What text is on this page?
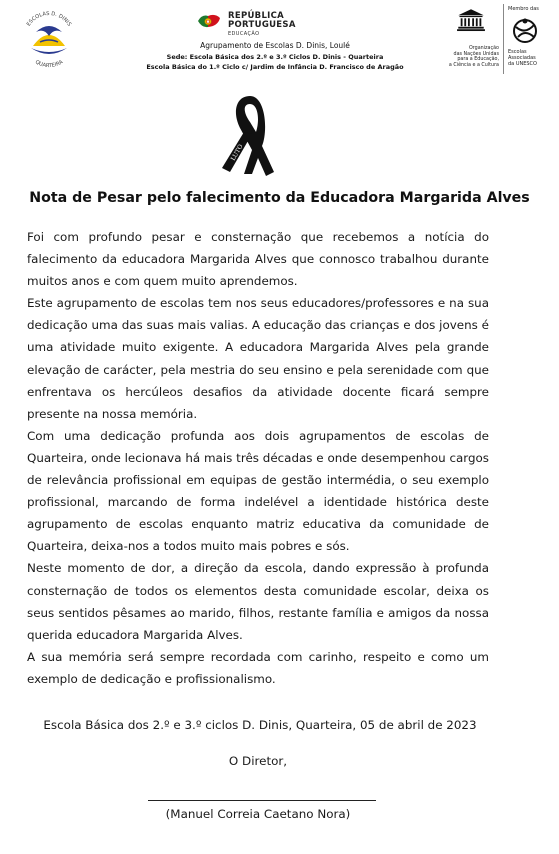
ESCOLAS D. DINIS
QUARTEIRA
REPÚBLICA
PORTUGUESA
EDUCAÇÃO
Agrupamento de Escolas D. Dinis, Loulé
Sede: Escola Básica dos 2.º e 3.º Ciclos D. Dinis - Quarteira
Escola Básica do 1.º Ciclo c/ Jardim de Infância D. Francisco de Aragão
Organização
das Nações Unidas
para a Educação,
a Ciência e a Cultura
Membro das
Escolas
Associadas
da UNESCO
LUTO
Nota de Pesar pelo falecimento da Educadora Margarida Alves

Foi com profundo pesar e consternação que recebemos a notícia do falecimento da educadora Margarida Alves que connosco trabalhou durante muitos anos e com quem muito aprendemos.

Este agrupamento de escolas tem nos seus educadores/professores e na sua dedicação uma das suas mais valias. A educação das crianças e dos jovens é uma atividade muito exigente. A educadora Margarida Alves pela grande elevação de carácter, pela mestria do seu ensino e pela serenidade com que enfrentava os hercúleos desafios da atividade docente ficará sempre presente na nossa memória.

Com uma dedicação profunda aos dois agrupamentos de escolas de Quarteira, onde lecionava há mais três décadas e onde desempenhou cargos de relevância profissional em equipas de gestão intermédia, o seu exemplo profissional, marcando de forma indelével a identidade histórica deste agrupamento de escolas enquanto matriz educativa da comunidade de Quarteira, deixa-nos a todos muito mais pobres e sós.

Neste momento de dor, a direção da escola, dando expressão à profunda consternação de todos os elementos desta comunidade escolar, deixa os seus sentidos pêsames ao marido, filhos, restante família e amigos da nossa querida educadora Margarida Alves.

A sua memória será sempre recordada com carinho, respeito e como um exemplo de dedicação e profissionalismo.

Escola Básica dos 2.º e 3.º ciclos D. Dinis, Quarteira, 05 de abril de 2023
O Diretor,
(Manuel Correia Caetano Nora)
